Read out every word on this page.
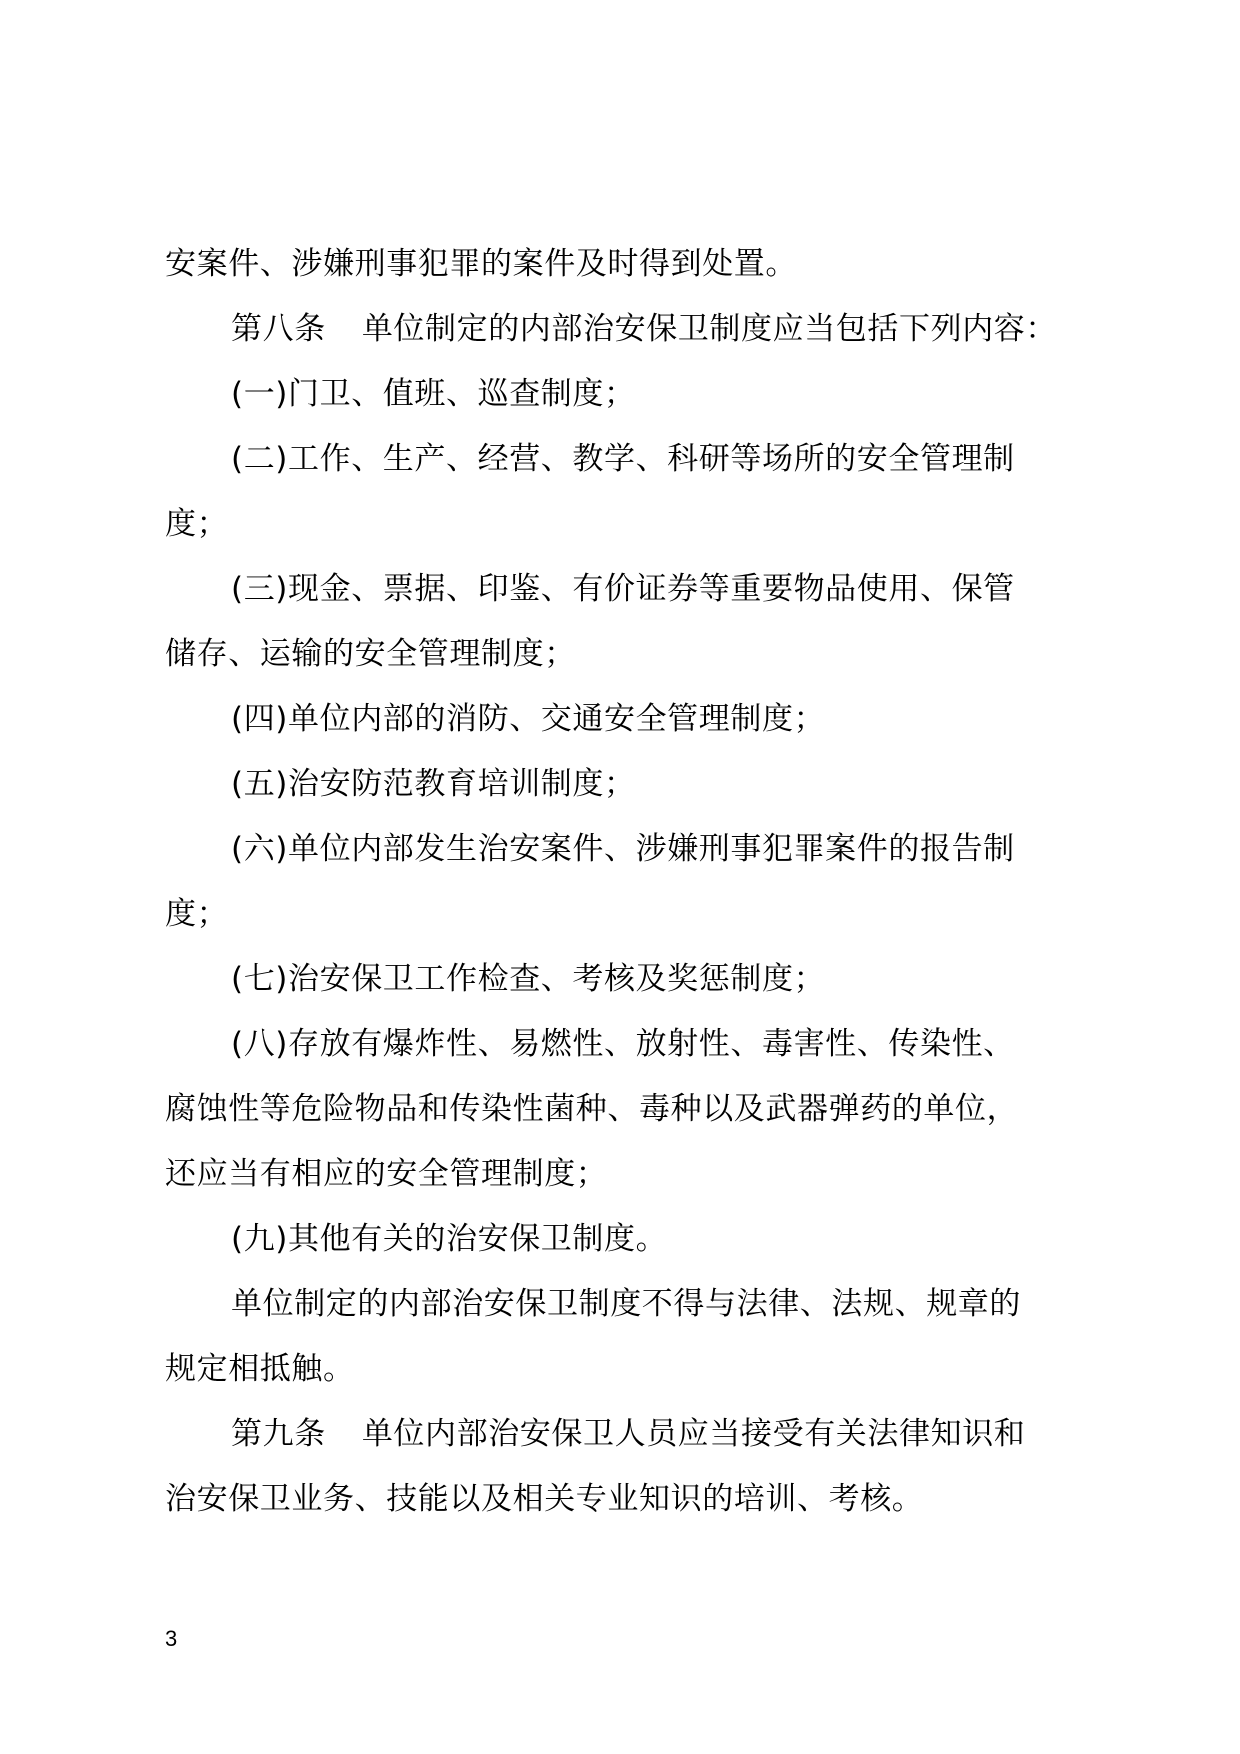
安案件、涉嫌刑事犯罪的案件及时得到处置。
第八条 单位制定的内部治安保卫制度应当包括下列内容：
(一)门卫、值班、巡查制度；
(二)工作、生产、经营、教学、科研等场所的安全管理制
度；
(三)现金、票据、印鉴、有价证券等重要物品使用、保管
储存、运输的安全管理制度；
(四)单位内部的消防、交通安全管理制度；
(五)治安防范教育培训制度；
(六)单位内部发生治安案件、涉嫌刑事犯罪案件的报告制
度；
(七)治安保卫工作检查、考核及奖惩制度；
(八)存放有爆炸性、易燃性、放射性、毒害性、传染性、
腐蚀性等危险物品和传染性菌种、毒种以及武器弹药的单位，
还应当有相应的安全管理制度；
(九)其他有关的治安保卫制度。
单位制定的内部治安保卫制度不得与法律、法规、规章的
规定相抵触。
第九条 单位内部治安保卫人员应当接受有关法律知识和
治安保卫业务、技能以及相关专业知识的培训、考核。
3
